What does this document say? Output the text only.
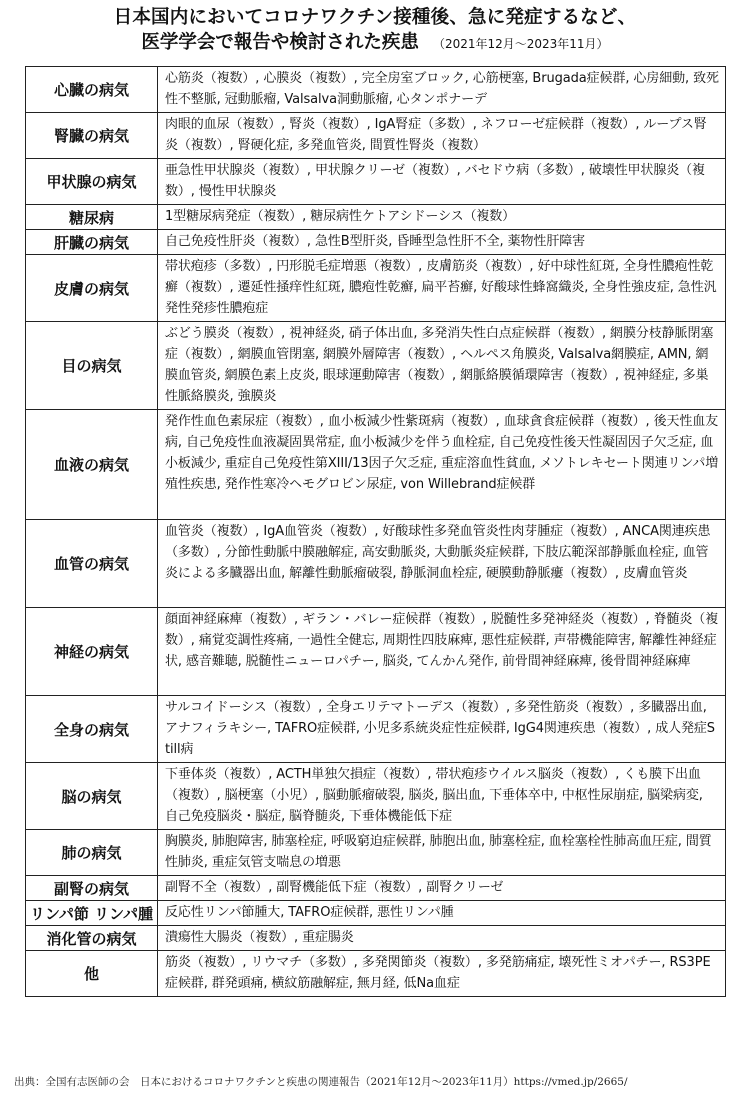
日本国内においてコロナワクチン接種後、急に発症するなど、
医学学会で報告や検討された疾患 （2021年12月〜2023年11月）
心臓の病気	心筋炎（複数）, 心膜炎（複数）, 完全房室ブロック, 心筋梗塞, Brugada症候群, 心房細動, 致死性不整脈, 冠動脈瘤, Valsalva洞動脈瘤, 心タンポナーデ
腎臓の病気	肉眼的血尿（複数）, 腎炎（複数）, IgA腎症（多数）, ネフローゼ症候群（複数）, ループス腎炎（複数）, 腎硬化症, 多発血管炎, 間質性腎炎（複数）
甲状腺の病気	亜急性甲状腺炎（複数）, 甲状腺クリーゼ（複数）, バセドウ病（多数）, 破壊性甲状腺炎（複数）, 慢性甲状腺炎
糖尿病	1型糖尿病発症（複数）, 糖尿病性ケトアシドーシス（複数）
肝臓の病気	自己免疫性肝炎（複数）, 急性B型肝炎, 昏睡型急性肝不全, 薬物性肝障害
皮膚の病気	帯状疱疹（多数）, 円形脱毛症増悪（複数）, 皮膚筋炎（複数）, 好中球性紅斑, 全身性膿疱性乾癬（複数）, 遷延性掻痒性紅斑, 膿疱性乾癬, 扁平苔癬, 好酸球性蜂窩織炎, 全身性強皮症, 急性汎発性発疹性膿疱症
目の病気	ぶどう膜炎（複数）, 視神経炎, 硝子体出血, 多発消失性白点症候群（複数）, 網膜分枝静脈閉塞症（複数）, 網膜血管閉塞, 網膜外層障害（複数）, ヘルペス角膜炎, Valsalva網膜症, AMN, 網膜血管炎, 網膜色素上皮炎, 眼球運動障害（複数）, 網脈絡膜循環障害（複数）, 視神経症, 多巣性脈絡膜炎, 強膜炎
血液の病気	発作性血色素尿症（複数）, 血小板減少性紫斑病（複数）, 血球貪食症候群（複数）, 後天性血友病, 自己免疫性血液凝固異常症, 血小板減少を伴う血栓症, 自己免疫性後天性凝固因子欠乏症, 血小板減少, 重症自己免疫性第XIII/13因子欠乏症, 重症溶血性貧血, メソトレキセート関連リンパ増殖性疾患, 発作性寒冷ヘモグロビン尿症, von Willebrand症候群
血管の病気	血管炎（複数）, IgA血管炎（複数）, 好酸球性多発血管炎性肉芽腫症（複数）, ANCA関連疾患（多数）, 分節性動脈中膜融解症, 高安動脈炎, 大動脈炎症候群, 下肢広範深部静脈血栓症, 血管炎による多臓器出血, 解離性動脈瘤破裂, 静脈洞血栓症, 硬膜動静脈瘻（複数）, 皮膚血管炎
神経の病気	顔面神経麻痺（複数）, ギラン・バレー症候群（複数）, 脱髄性多発神経炎（複数）, 脊髄炎（複数）, 痛覚変調性疼痛, 一過性全健忘, 周期性四肢麻痺, 悪性症候群, 声帯機能障害, 解離性神経症状, 感音難聴, 脱髄性ニューロパチー, 脳炎, てんかん発作, 前骨間神経麻痺, 後骨間神経麻痺
全身の病気	サルコイドーシス（複数）, 全身エリテマトーデス（複数）, 多発性筋炎（複数）, 多臓器出血, アナフィラキシー, TAFRO症候群, 小児多系統炎症性症候群, IgG4関連疾患（複数）, 成人発症Still病
脳の病気	下垂体炎（複数）, ACTH単独欠損症（複数）, 帯状疱疹ウイルス脳炎（複数）, くも膜下出血（複数）, 脳梗塞（小児）, 脳動脈瘤破裂, 脳炎, 脳出血, 下垂体卒中, 中枢性尿崩症, 脳梁病変, 自己免疫脳炎・脳症, 脳脊髄炎, 下垂体機能低下症
肺の病気	胸膜炎, 肺胞障害, 肺塞栓症, 呼吸窮迫症候群, 肺胞出血, 肺塞栓症, 血栓塞栓性肺高血圧症, 間質性肺炎, 重症気管支喘息の増悪
副腎の病気	副腎不全（複数）, 副腎機能低下症（複数）, 副腎クリーゼ
リンパ節 リンパ腫	反応性リンパ節腫大, TAFRO症候群, 悪性リンパ腫
消化管の病気	潰瘍性大腸炎（複数）, 重症腸炎
他	筋炎（複数）, リウマチ（多数）, 多発関節炎（複数）, 多発筋痛症, 壊死性ミオパチー, RS3PE症候群, 群発頭痛, 横紋筋融解症, 無月経, 低Na血症
出典：全国有志医師の会　日本におけるコロナワクチンと疾患の関連報告（2021年12月〜2023年11月）https://vmed.jp/2665/
